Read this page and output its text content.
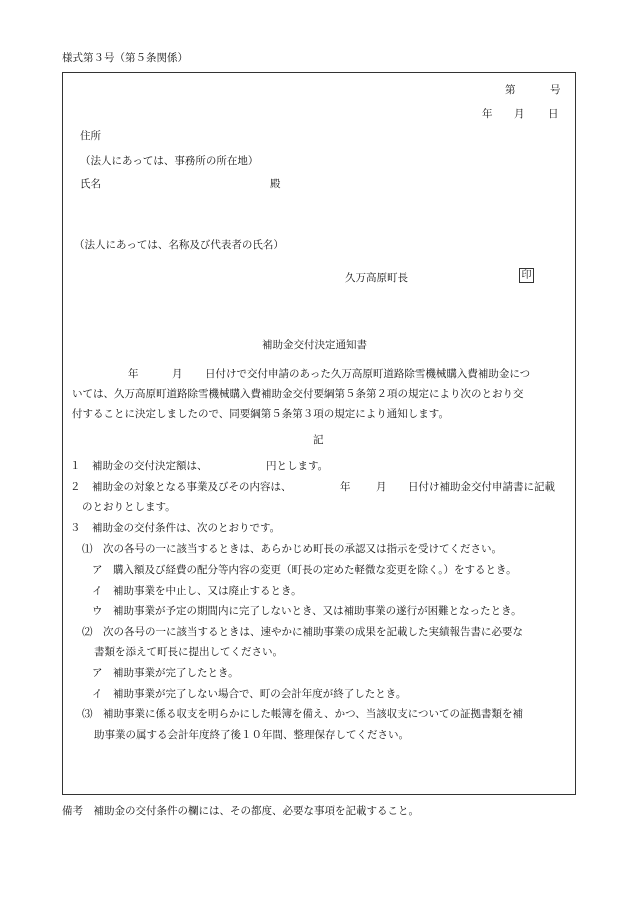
様式第３号（第５条関係）
第	号
年 月 日
住所
（法人にあっては、事務所の所在地）
氏名	殿
（法人にあっては、名称及び代表者の氏名）
久万高原町長	印
補助金交付決定通知書
年	月 日付けで交付申請のあった久万高原町道路除雪機械購入費補助金につ
いては、久万高原町道路除雪機械購入費補助金交付要綱第５条第２項の規定により次のとおり交
付することに決定しましたので、同要綱第５条第３項の規定により通知します。
記
１ 補助金の交付決定額は、	円とします。
２ 補助金の対象となる事業及びその内容は、	年 月 日付け補助金交付申請書に記載
のとおりとします。
３ 補助金の交付条件は、次のとおりです。
⑴　次の各号の一に該当するときは、あらかじめ町長の承認又は指示を受けてください。
ア　購入額及び経費の配分等内容の変更（町長の定めた軽微な変更を除く。）をするとき。
イ　補助事業を中止し、又は廃止するとき。
ウ　補助事業が予定の期間内に完了しないとき、又は補助事業の遂行が困難となったとき。
⑵　次の各号の一に該当するときは、速やかに補助事業の成果を記載した実績報告書に必要な
書類を添えて町長に提出してください。
ア　補助事業が完了したとき。
イ　補助事業が完了しない場合で、町の会計年度が終了したとき。
⑶　補助事業に係る収支を明らかにした帳簿を備え、かつ、当該収支についての証拠書類を補
助事業の属する会計年度終了後１０年間、整理保存してください。
備考　補助金の交付条件の欄には、その都度、必要な事項を記載すること。
